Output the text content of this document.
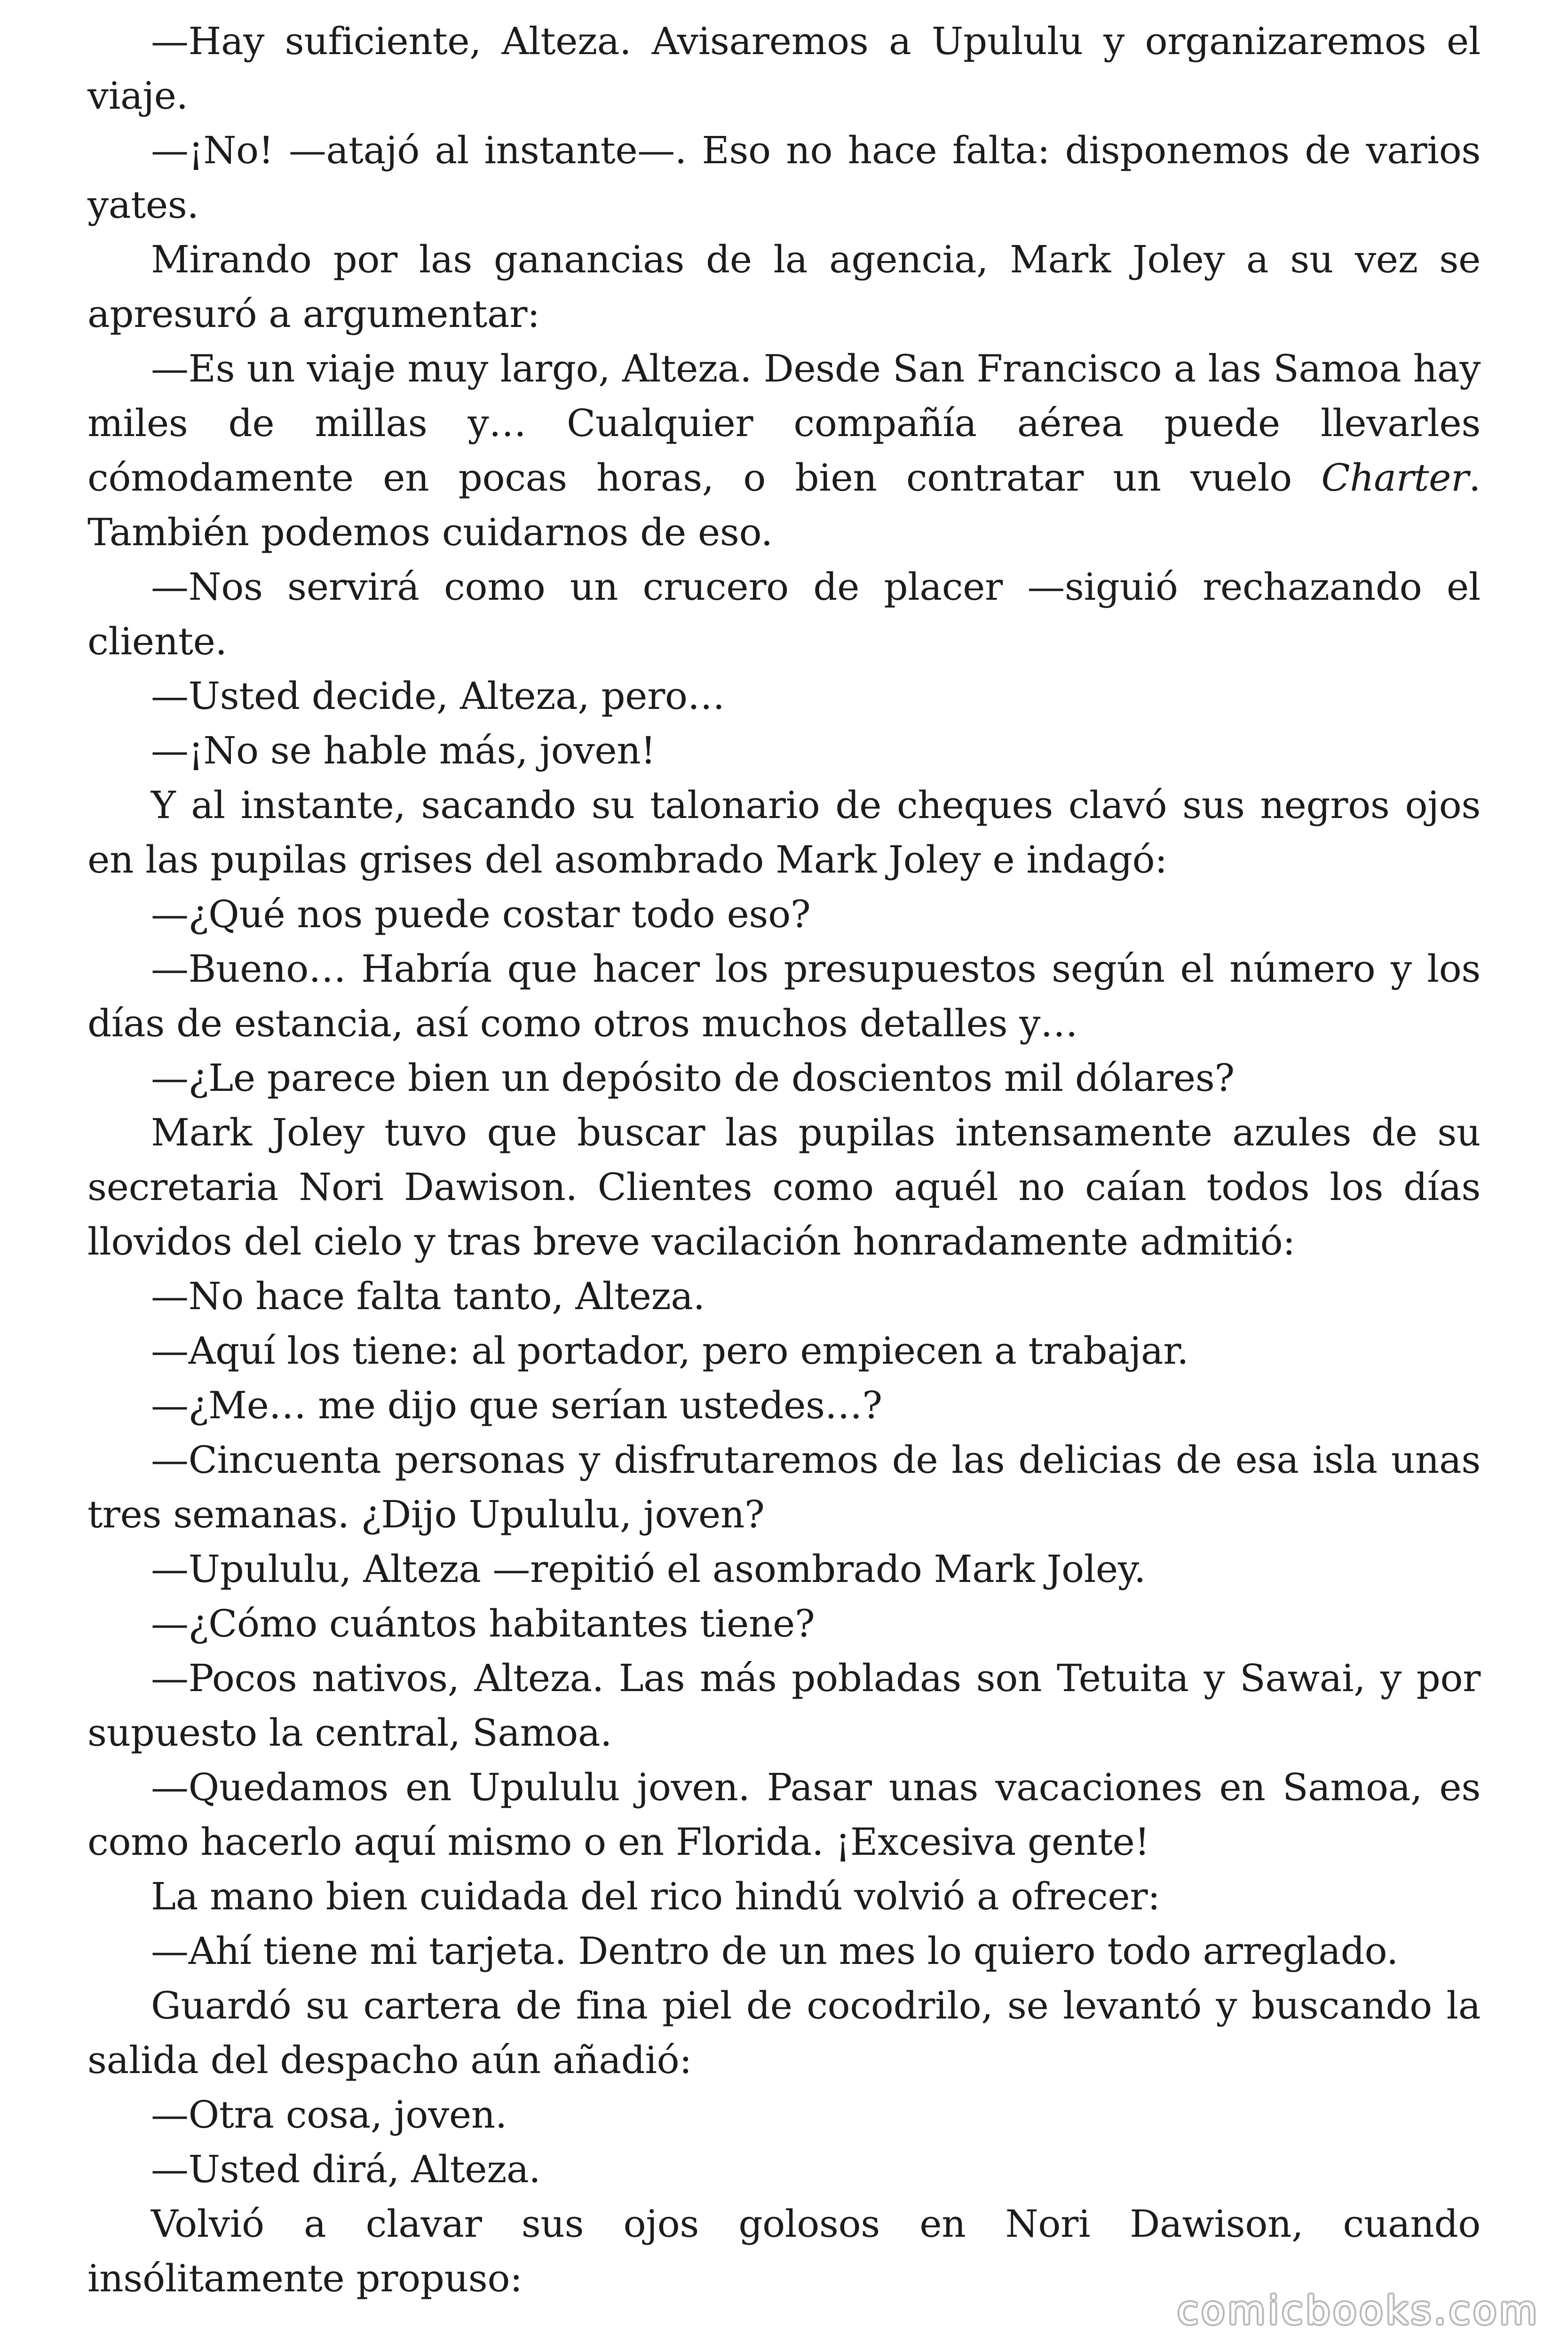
—Hay suficiente, Alteza. Avisaremos a Upululu y organizaremos el viaje.

—¡No! —atajó al instante—. Eso no hace falta: disponemos de varios yates.

Mirando por las ganancias de la agencia, Mark Joley a su vez se apresuró a argumentar:

—Es un viaje muy largo, Alteza. Desde San Francisco a las Samoa hay miles de millas y… Cualquier compañía aérea puede llevarles cómodamente en pocas horas, o bien contratar un vuelo Charter. También podemos cuidarnos de eso.

—Nos servirá como un crucero de placer —siguió rechazando el cliente.

—Usted decide, Alteza, pero…

—¡No se hable más, joven!

Y al instante, sacando su talonario de cheques clavó sus negros ojos en las pupilas grises del asombrado Mark Joley e indagó:

—¿Qué nos puede costar todo eso?

—Bueno… Habría que hacer los presupuestos según el número y los días de estancia, así como otros muchos detalles y…

—¿Le parece bien un depósito de doscientos mil dólares?

Mark Joley tuvo que buscar las pupilas intensamente azules de su secretaria Nori Dawison. Clientes como aquél no caían todos los días llovidos del cielo y tras breve vacilación honradamente admitió:

—No hace falta tanto, Alteza.

—Aquí los tiene: al portador, pero empiecen a trabajar.

—¿Me… me dijo que serían ustedes…?

—Cincuenta personas y disfrutaremos de las delicias de esa isla unas tres semanas. ¿Dijo Upululu, joven?

—Upululu, Alteza —repitió el asombrado Mark Joley.

—¿Cómo cuántos habitantes tiene?

—Pocos nativos, Alteza. Las más pobladas son Tetuita y Sawai, y por supuesto la central, Samoa.

—Quedamos en Upululu joven. Pasar unas vacaciones en Samoa, es como hacerlo aquí mismo o en Florida. ¡Excesiva gente!

La mano bien cuidada del rico hindú volvió a ofrecer:

—Ahí tiene mi tarjeta. Dentro de un mes lo quiero todo arreglado.

Guardó su cartera de fina piel de cocodrilo, se levantó y buscando la salida del despacho aún añadió:

—Otra cosa, joven.

—Usted dirá, Alteza.

Volvió a clavar sus ojos golosos en Nori Dawison, cuando insólitamente propuso:

comicbooks.com
